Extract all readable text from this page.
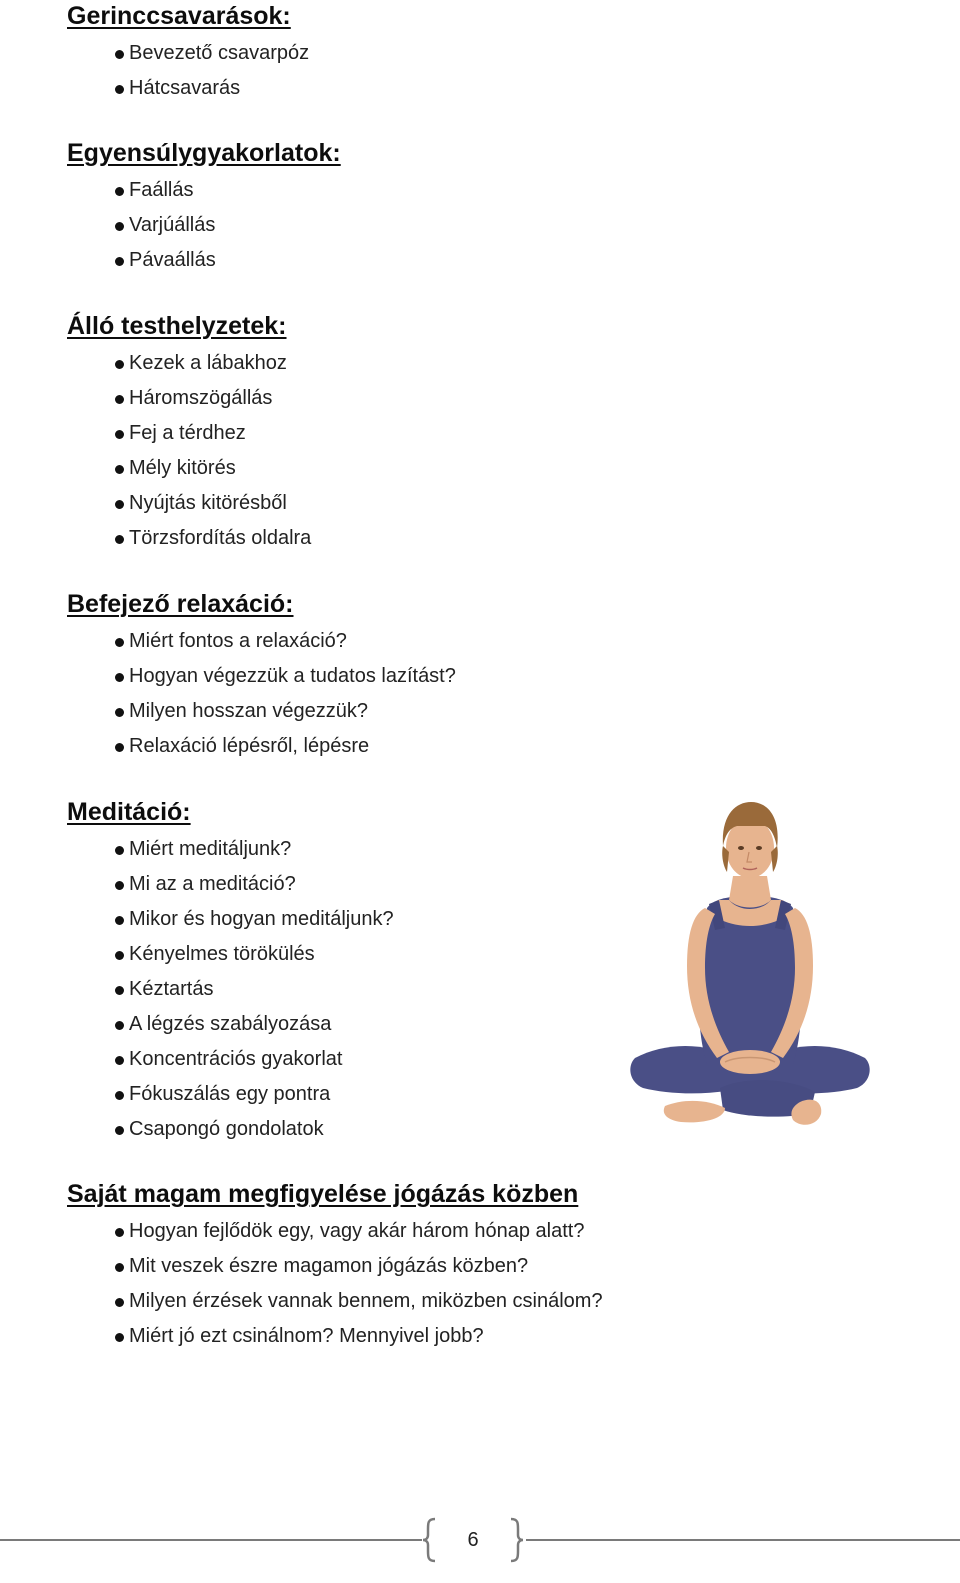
Gerinccsavarások:
Bevezető csavarpóz
Hátcsavarás
Egyensúlygyakorlatok:
Faállás
Varjúállás
Pávaállás
Álló testhelyzetek:
Kezek a lábakhoz
Háromszögállás
Fej a térdhez
Mély kitörés
Nyújtás kitörésből
Törzsfordítás oldalra
Befejező relaxáció:
Miért fontos a relaxáció?
Hogyan végezzük a tudatos lazítást?
Milyen hosszan végezzük?
Relaxáció lépésről, lépésre
Meditáció:
Miért meditáljunk?
Mi az a meditáció?
Mikor és hogyan meditáljunk?
Kényelmes törökülés
Kéztartás
A légzés szabályozása
Koncentrációs gyakorlat
Fókuszálás egy pontra
Csapongó gondolatok
Saját magam megfigyelése jógázás közben
Hogyan fejlődök egy, vagy akár három hónap alatt?
Mit veszek észre magamon jógázás közben?
Milyen érzések vannak bennem, miközben csinálom?
Miért jó ezt csinálnom? Mennyivel jobb?
6
